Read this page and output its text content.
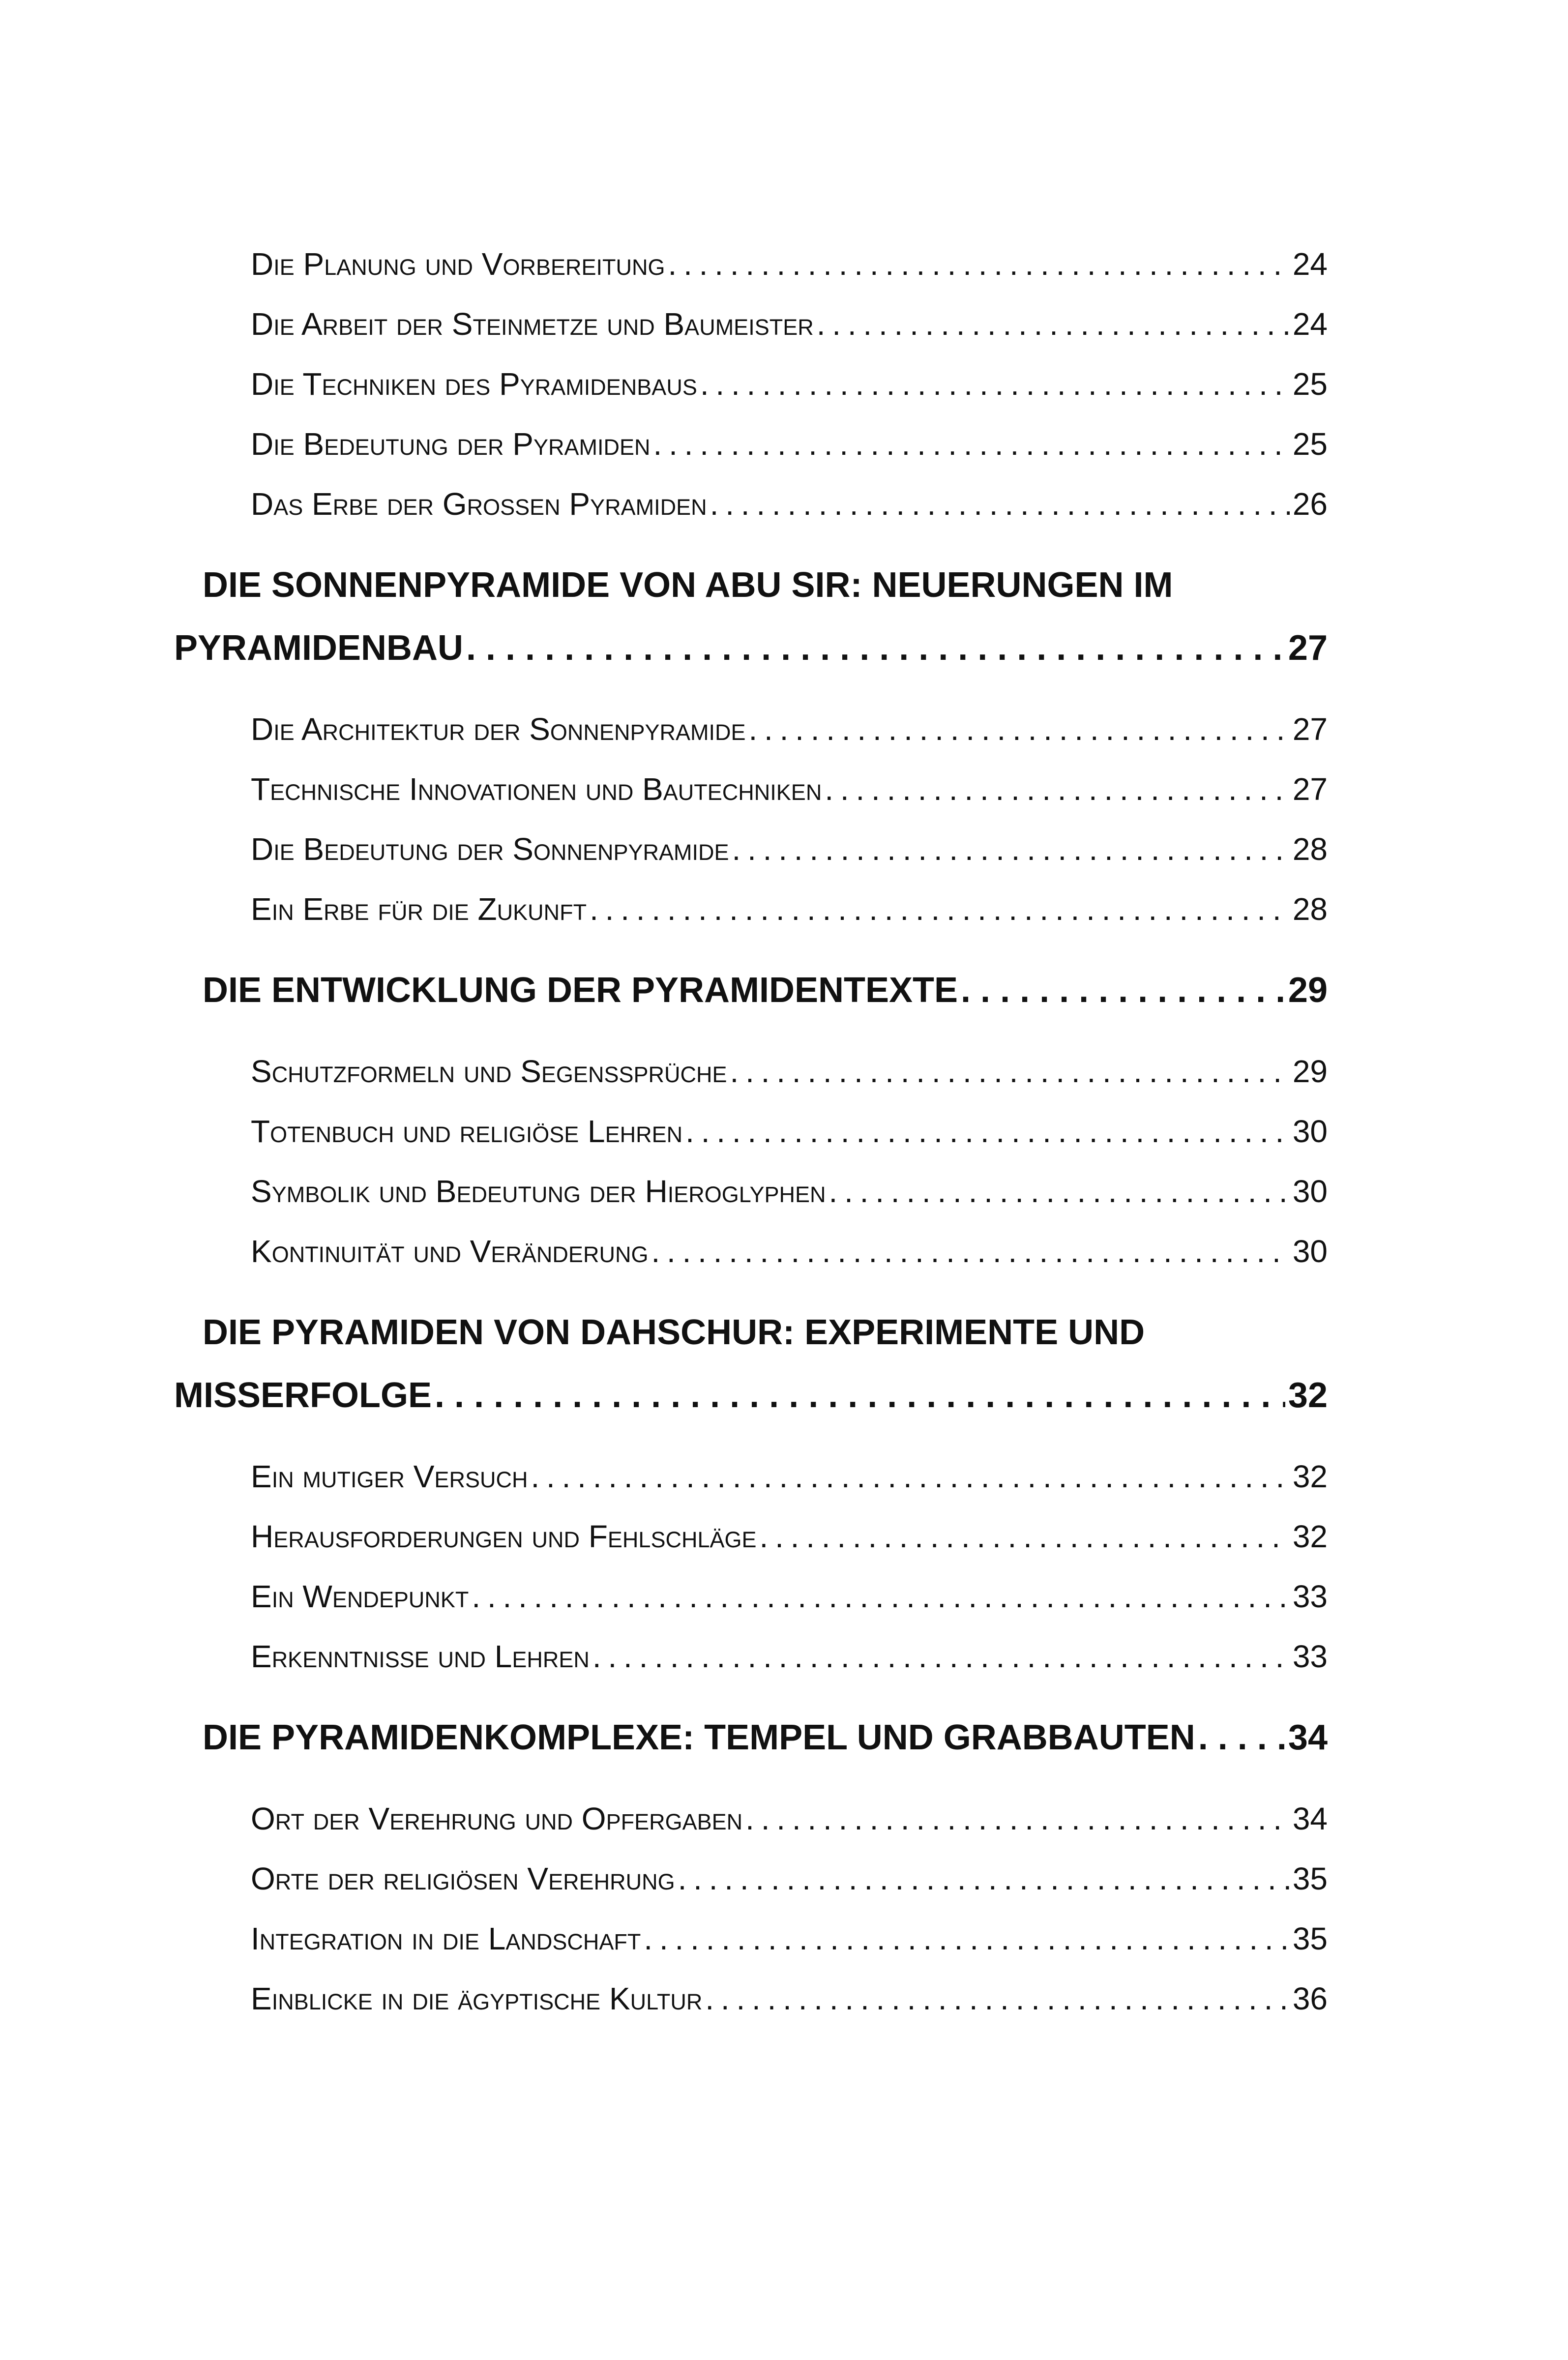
Die Planung und Vorbereitung . . .	24
Die Arbeit der Steinmetze und Baumeister . . .	24
Die Techniken des Pyramidenbaus . . .	25
Die Bedeutung der Pyramiden . . .	25
Das Erbe der Großen Pyramiden . . .	26
DIE SONNENPYRAMIDE VON ABU SIR: NEUERUNGEN IM
PYRAMIDENBAU . . .	27
Die Architektur der Sonnenpyramide . . .	27
Technische Innovationen und Bautechniken . . .	27
Die Bedeutung der Sonnenpyramide . . .	28
Ein Erbe für die Zukunft . . .	28
DIE ENTWICKLUNG DER PYRAMIDENTEXTE . . .	29
Schutzformeln und Segenssprüche . . .	29
Totenbuch und religiöse Lehren . . .	30
Symbolik und Bedeutung der Hieroglyphen . . .	30
Kontinuität und Veränderung . . .	30
DIE PYRAMIDEN VON DAHSCHUR: EXPERIMENTE UND
MISSERFOLGE . . .	32
Ein mutiger Versuch . . .	32
Herausforderungen und Fehlschläge . . .	32
Ein Wendepunkt . . .	33
Erkenntnisse und Lehren . . .	33
DIE PYRAMIDENKOMPLEXE: TEMPEL UND GRABBAUTEN . . .	34
Ort der Verehrung und Opfergaben . . .	34
Orte der religiösen Verehrung . . .	35
Integration in die Landschaft . . .	35
Einblicke in die ägyptische Kultur . . .	36
